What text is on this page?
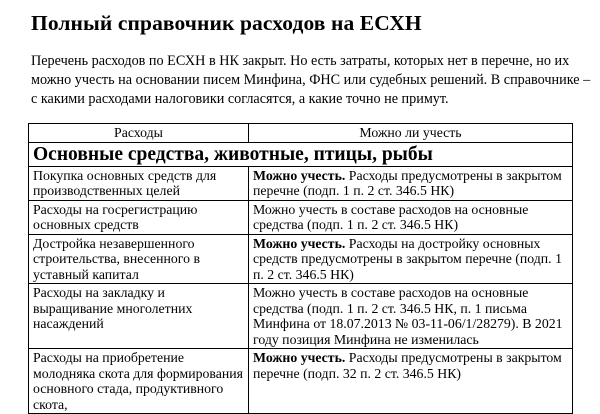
Полный справочник расходов на ЕСХН

Перечень расходов по ЕСХН в НК закрыт. Но есть затраты, которых нет в перечне, но их можно учесть на основании писем Минфина, ФНС или судебных решений. В справочнике – с какими расходами налоговики согласятся, а какие точно не примут.

Расходы	Можно ли учесть
Основные средства, животные, птицы, рыбы	
Покупка основных средств для производственных целей	Можно учесть. Расходы предусмотрены в закрытом перечне (подп. 1 п. 2 ст. 346.5 НК)
Расходы на госрегистрацию основных средств	Можно учесть в составе расходов на основные средства (подп. 1 п. 2 ст. 346.5 НК)
Достройка незавершенного строительства, внесенного в уставный капитал	Можно учесть. Расходы на достройку основных средств предусмотрены в закрытом перечне (подп. 1 п. 2 ст. 346.5 НК)
Расходы на закладку и выращивание многолетних насаждений	Можно учесть в составе расходов на основные средства (подп. 1 п. 2 ст. 346.5 НК, п. 1 письма Минфина от 18.07.2013 № 03-11-06/1/28279). В 2021 году позиция Минфина не изменилась
Расходы на приобретение молодняка скота для формирования основного стада, продуктивного скота,	Можно учесть. Расходы предусмотрены в закрытом перечне (подп. 32 п. 2 ст. 346.5 НК)
